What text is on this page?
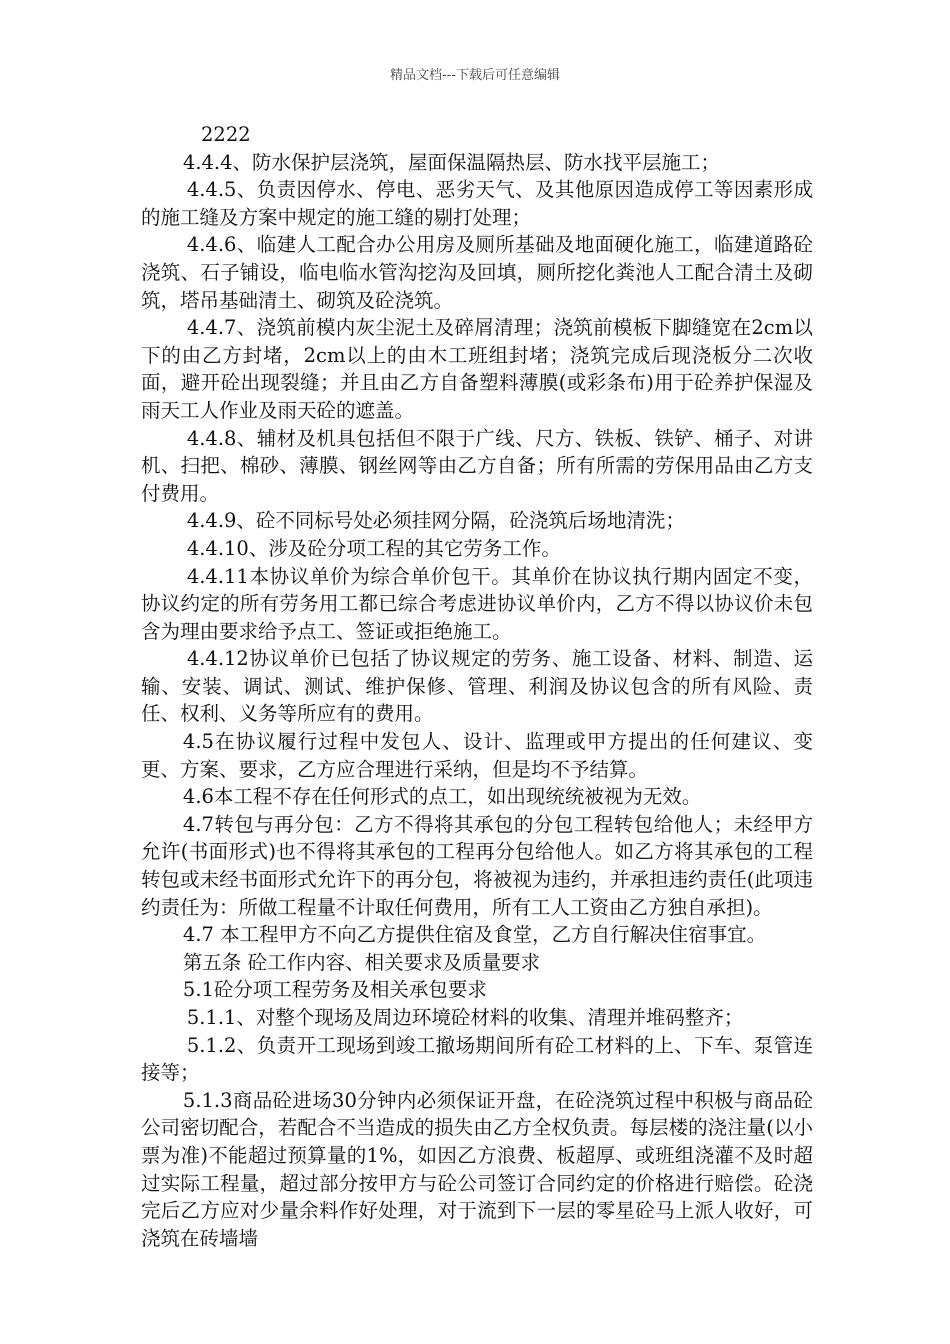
精品文档---下载后可任意编辑

2222

4.4.4、防水保护层浇筑，屋面保温隔热层、防水找平层施工；

4.4.5、负责因停水、停电、恶劣天气、及其他原因造成停工等因素形成的施工缝及方案中规定的施工缝的剔打处理；

4.4.6、临建人工配合办公用房及厕所基础及地面硬化施工，临建道路砼浇筑、石子铺设，临电临水管沟挖沟及回填，厕所挖化粪池人工配合清土及砌筑，塔吊基础清土、砌筑及砼浇筑。

4.4.7、浇筑前模内灰尘泥土及碎屑清理；浇筑前模板下脚缝宽在2cm以下的由乙方封堵，2cm以上的由木工班组封堵；浇筑完成后现浇板分二次收面，避开砼出现裂缝；并且由乙方自备塑料薄膜(或彩条布)用于砼养护保湿及雨天工人作业及雨天砼的遮盖。

4.4.8、辅材及机具包括但不限于广线、尺方、铁板、铁铲、桶子、对讲机、扫把、棉砂、薄膜、钢丝网等由乙方自备；所有所需的劳保用品由乙方支付费用。

4.4.9、砼不同标号处必须挂网分隔，砼浇筑后场地清洗；

4.4.10、涉及砼分项工程的其它劳务工作。

4.4.11本协议单价为综合单价包干。其单价在协议执行期内固定不变，协议约定的所有劳务用工都已综合考虑进协议单价内，乙方不得以协议价未包含为理由要求给予点工、签证或拒绝施工。

4.4.12协议单价已包括了协议规定的劳务、施工设备、材料、制造、运输、安装、调试、测试、维护保修、管理、利润及协议包含的所有风险、责任、权利、义务等所应有的费用。

4.5在协议履行过程中发包人、设计、监理或甲方提出的任何建议、变更、方案、要求，乙方应合理进行采纳，但是均不予结算。

4.6本工程不存在任何形式的点工，如出现统统被视为无效。

4.7转包与再分包：乙方不得将其承包的分包工程转包给他人；未经甲方允许(书面形式)也不得将其承包的工程再分包给他人。如乙方将其承包的工程转包或未经书面形式允许下的再分包，将被视为违约，并承担违约责任(此项违约责任为：所做工程量不计取任何费用，所有工人工资由乙方独自承担)。

4.7 本工程甲方不向乙方提供住宿及食堂，乙方自行解决住宿事宜。

第五条 砼工作内容、相关要求及质量要求

5.1砼分项工程劳务及相关承包要求

5.1.1、对整个现场及周边环境砼材料的收集、清理并堆码整齐；

5.1.2、负责开工现场到竣工撤场期间所有砼工材料的上、下车、泵管连接等；

5.1.3商品砼进场30分钟内必须保证开盘，在砼浇筑过程中积极与商品砼公司密切配合，若配合不当造成的损失由乙方全权负责。每层楼的浇注量(以小票为准)不能超过预算量的1%，如因乙方浪费、板超厚、或班组浇灌不及时超过实际工程量，超过部分按甲方与砼公司签订合同约定的价格进行赔偿。砼浇完后乙方应对少量余料作好处理，对于流到下一层的零星砼马上派人收好，可浇筑在砖墙墙
